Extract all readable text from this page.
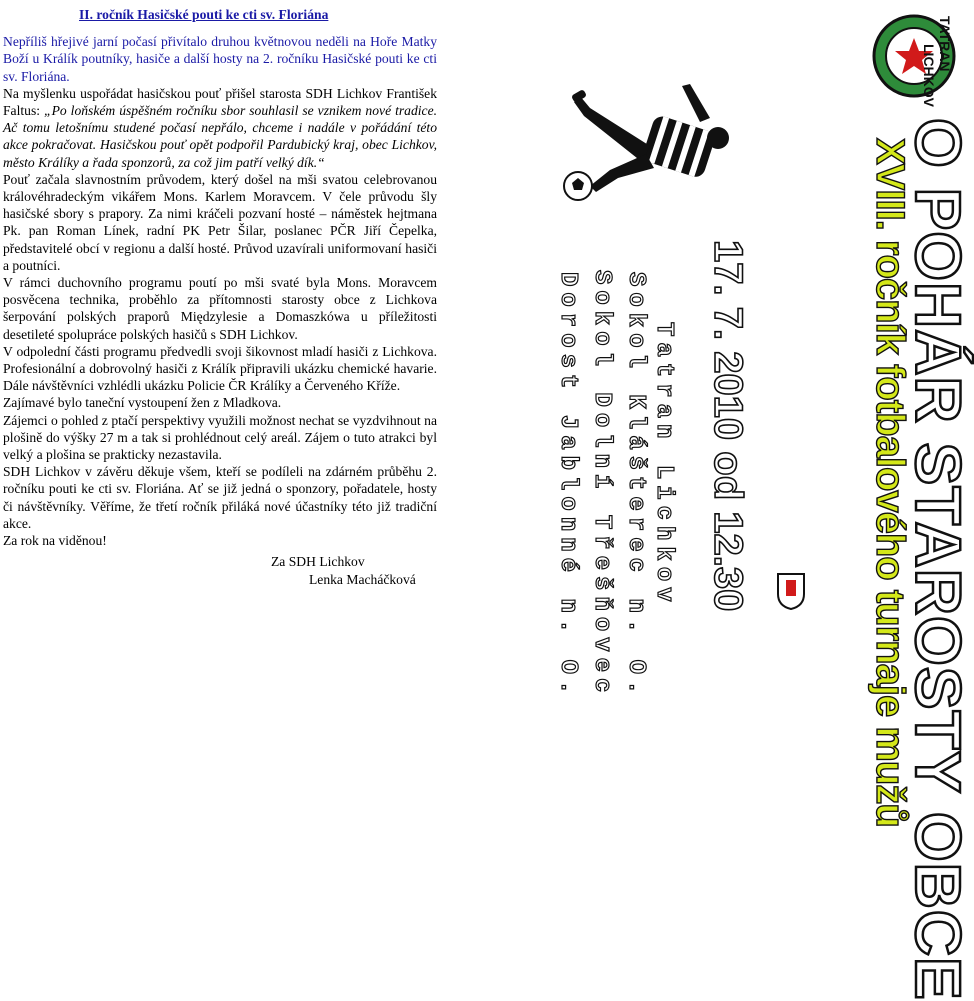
II. ročník Hasičské pouti ke cti sv. Floriána

Nepříliš hřejivé jarní počasí přivítalo druhou květnovou neděli na Hoře Matky Boží u Králík poutníky, hasiče a další hosty na 2. ročníku Hasičské pouti ke cti sv. Floriána.

Na myšlenku uspořádat hasičskou pouť přišel starosta SDH Lichkov František Faltus: „Po loňském úspěšném ročníku sbor souhlasil se vznikem nové tradice. Ač tomu letošnímu studené počasí nepřálo, chceme i nadále v pořádání této akce pokračovat. Hasičskou pouť opět podpořil Pardubický kraj, obec Lichkov, město Králíky a řada sponzorů, za což jim patří velký dík.“

Pouť začala slavnostním průvodem, který došel na mši svatou celebrovanou královéhradeckým vikářem Mons. Karlem Moravcem. V čele průvodu šly hasičské sbory s prapory. Za nimi kráčeli pozvaní hosté – náměstek hejtmana Pk. pan Roman Línek, radní PK Petr Šilar, poslanec PČR Jiří Čepelka, představitelé obcí v regionu a další hosté. Průvod uzavírali uniformovaní hasiči a poutníci.

V rámci duchovního programu poutí po mši svaté byla Mons. Moravcem posvěcena technika, proběhlo za přítomnosti starosty obce z Lichkova šerpování polských praporů Międzylesie a Domaszkówa u příležitosti desetileté spolupráce polských hasičů s SDH Lichkov.

V odpolední části programu předvedli svoji šikovnost mladí hasiči z Lichkova. Profesionální a dobrovolný hasiči z Králík připravili ukázku chemické havarie. Dále návštěvníci vzhlédli ukázku Policie ČR Králíky a Červeného Kříže.

Zajímavé bylo taneční vystoupení žen z Mladkova.

Zájemci o pohled z ptačí perspektivy využili možnost nechat se vyzdvihnout na plošině do výšky 27 m a tak si prohlédnout celý areál. Zájem o tuto atrakci byl velký a plošina se prakticky nezastavila.

SDH Lichkov v závěru děkuje všem, kteří se podíleli na zdárném průběhu 2. ročníku pouti ke cti sv. Floriána. Ať se již jedná o sponzory, pořadatele, hosty či návštěvníky. Věříme, že třetí ročník přiláká nové účastníky této již tradiční akce.

Za rok na viděnou!

Za SDH Lichkov
Lenka Macháčková	O POHÁR STAROSTY OBCE
XVIII. ročník fotbalového turnaje mužů
17. 7. 2010 od 12.30
Tatran Lichkov
Sokol Klášterec n. O.
Sokol Dolní Třešňovec
Dorost Jablonné n. O.
TATRAN
LICHKOV
